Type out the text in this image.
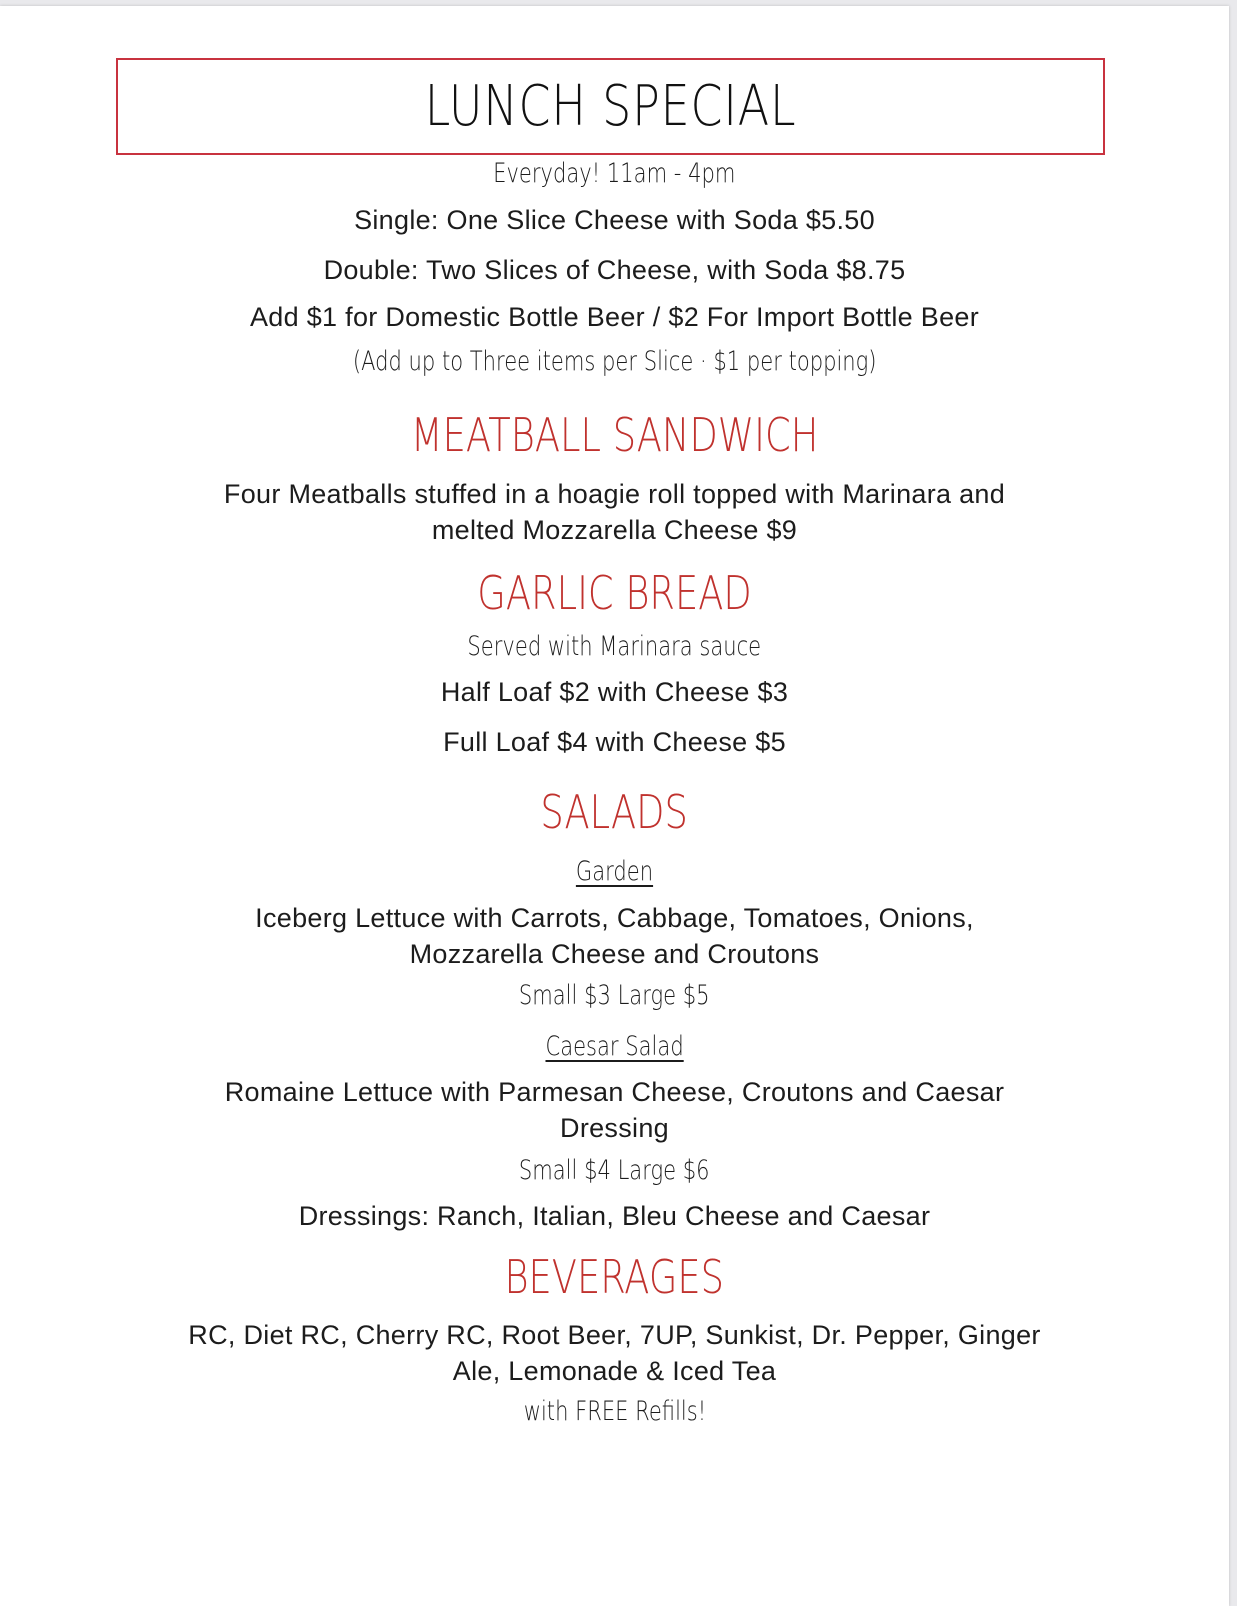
LUNCH SPECIAL
Everyday! 11am - 4pm
Single: One Slice Cheese with Soda $5.50
Double: Two Slices of Cheese, with Soda $8.75
Add $1 for Domestic Bottle Beer / $2 For Import Bottle Beer
(Add up to Three items per Slice · $1 per topping)
MEATBALL SANDWICH
Four Meatballs stuffed in a hoagie roll topped with Marinara and
melted Mozzarella Cheese $9
GARLIC BREAD
Served with Marinara sauce
Half Loaf $2 with Cheese $3
Full Loaf $4 with Cheese $5
SALADS
Garden
Iceberg Lettuce with Carrots, Cabbage, Tomatoes, Onions,
Mozzarella Cheese and Croutons
Small $3 Large $5
Caesar Salad
Romaine Lettuce with Parmesan Cheese, Croutons and Caesar
Dressing
Small $4 Large $6
Dressings: Ranch, Italian, Bleu Cheese and Caesar
BEVERAGES
RC, Diet RC, Cherry RC, Root Beer, 7UP, Sunkist, Dr. Pepper, Ginger
Ale, Lemonade & Iced Tea
with FREE Refills!
